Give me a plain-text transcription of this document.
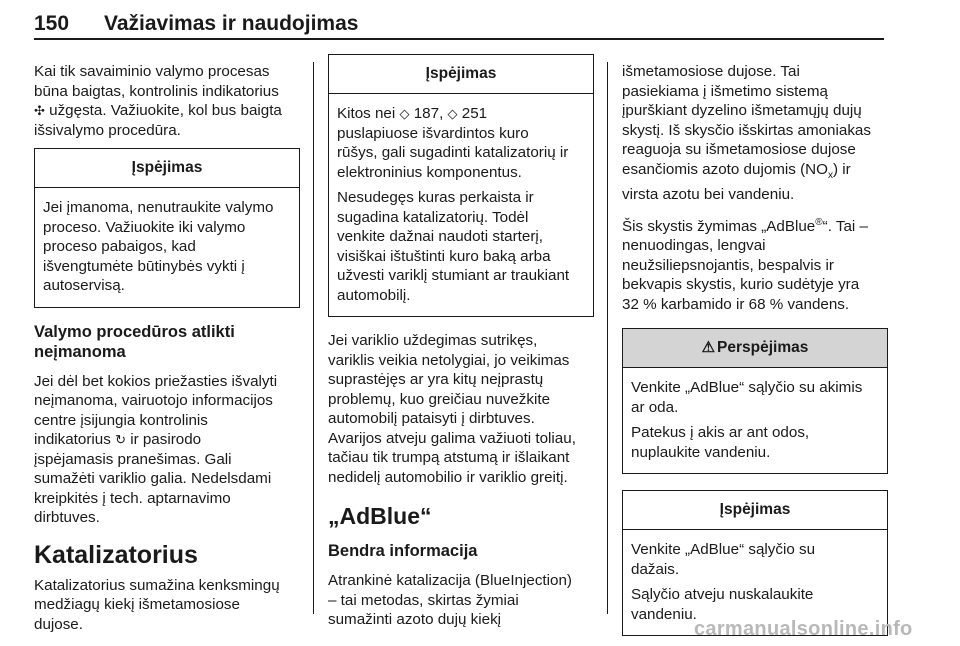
150 Važiavimas ir naudojimas

Kai tik savaiminio valymo procesas
būna baigtas, kontrolinis indikatorius
✣ užgęsta. Važiuokite, kol bus baigta
išsivalymo procedūra.

Įspėjimas

Jei įmanoma, nenutraukite valymo
proceso. Važiuokite iki valymo
proceso pabaigos, kad
išvengtumėte būtinybės vykti į
autoservisą.

Valymo procedūros atlikti
neįmanoma

Jei dėl bet kokios priežasties išvalyti
neįmanoma, vairuotojo informacijos
centre įsijungia kontrolinis
indikatorius ↻ ir pasirodo
įspėjamasis pranešimas. Gali
sumažėti variklio galia. Nedelsdami
kreipkitės į tech. aptarnavimo
dirbtuves.

Katalizatorius

Katalizatorius sumažina kenksmingų
medžiagų kiekį išmetamosiose
dujose.

Įspėjimas

Kitos nei ◇ 187, ◇ 251
puslapiuose išvardintos kuro
rūšys, gali sugadinti katalizatorių ir
elektroninius komponentus.

Nesudegęs kuras perkaista ir
sugadina katalizatorių. Todėl
venkite dažnai naudoti starterį,
visiškai ištuštinti kuro baką arba
užvesti variklį stumiant ar traukiant
automobilį.

Jei variklio uždegimas sutrikęs,
variklis veikia netolygiai, jo veikimas
suprastėjęs ar yra kitų neįprastų
problemų, kuo greičiau nuvežkite
automobilį pataisyti į dirbtuves.
Avarijos atveju galima važiuoti toliau,
tačiau tik trumpą atstumą ir išlaikant
nedidelį automobilio ir variklio greitį.

„AdBlue“
Bendra informacija

Atrankinė katalizacija (BlueInjection)
– tai metodas, skirtas žymiai
sumažinti azoto dujų kiekį

išmetamosiose dujose. Tai
pasiekiama į išmetimo sistemą
įpurškiant dyzelino išmetamųjų dujų
skystį. Iš skysčio išskirtas amoniakas
reaguoja su išmetamosiose dujose
esančiomis azoto dujomis $(NO_x)$ ir
virsta azotu bei vandeniu.

Šis skystis žymimas „AdBlue®“. Tai –
nenuodingas, lengvai
neužsiliepsnojantis, bespalvis ir
bekvapis skystis, kurio sudėtyje yra
32 % karbamido ir 68 % vandens.

⚠ Perspėjimas

Venkite „AdBlue“ sąlyčio su akimis
ar oda.

Patekus į akis ar ant odos,
nuplaukite vandeniu.

Įspėjimas

Venkite „AdBlue“ sąlyčio su
dažais.

Sąlyčio atveju nuskalaukite
vandeniu.

carmanualsonline.info
